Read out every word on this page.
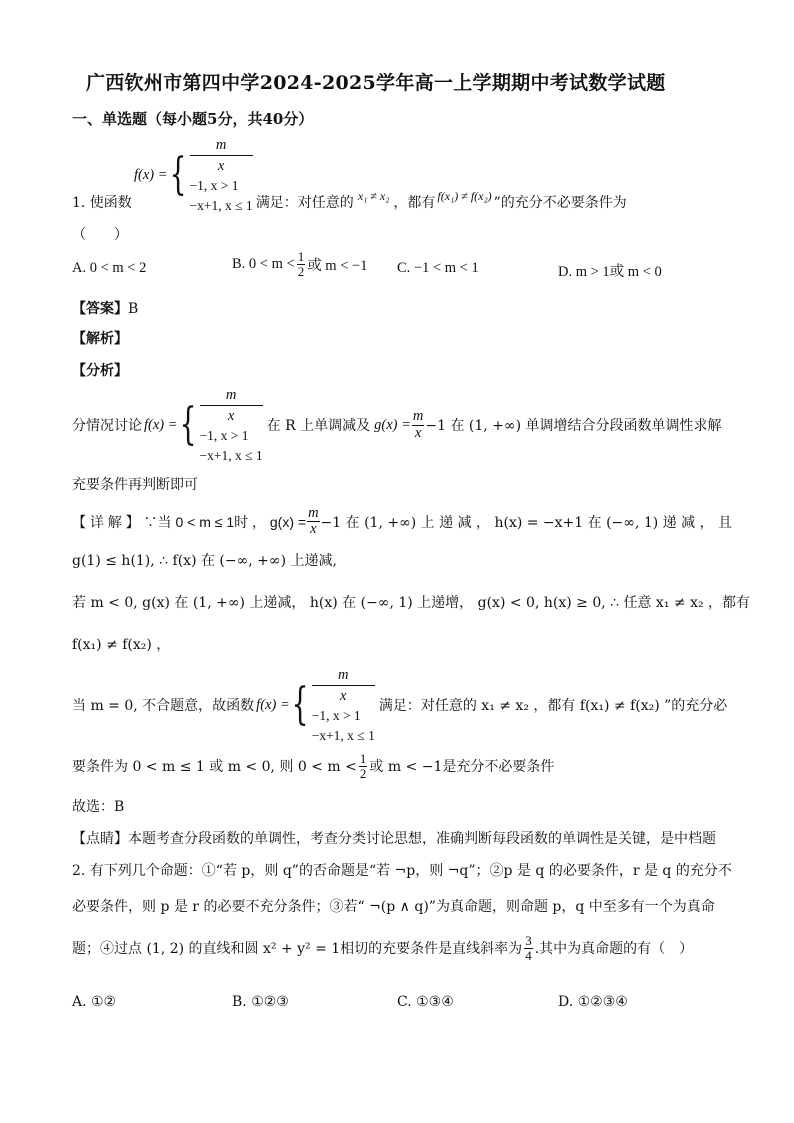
广西钦州市第四中学2024-2025学年高一上学期期中考试数学试题
一、单选题（每小题5分，共40分）
f(x) = {
m
x
−1, x > 1
−x+1, x ≤ 1
1. 使函数	满足：对任意的 x₁ ≠ x₂ ，都有 f(x₁) ≠ f(x₂) ”的充分不必要条件为
（　　）
A. 0 < m < 2	B. $0 < m < \frac{1}{2}$ 或 m < −1 C. −1 < m < 1	D. m > 1或 m < 0
【答案】B
【解析】
【分析】
分情况讨论 f(x) = {
m
x
−1, x > 1
−x+1, x ≤ 1
在 R 上单调减及 $g(x) = \frac{m}{x} -1$ 在 (1, +∞) 单调增结合分段函数单调性求解
充要条件再判断即可
【 详 解 】 ∵当 0 < m ≤ 1时 ， $g(x) = \frac{m}{x} -1$ 在 (1, +∞) 上 递 减 ， h(x) = −x+1 在 (−∞, 1) 递 减 ， 且
g(1) ≤ h(1), ∴ f(x) 在 (−∞, +∞) 上递减,
若 m < 0, g(x) 在 (1, +∞) 上递减， h(x) 在 (−∞, 1) 上递增， g(x) < 0, h(x) ≥ 0, ∴ 任意 x₁ ≠ x₂ ，都有
f(x₁) ≠ f(x₂) ，
当 m = 0, 不合题意，故函数 f(x) = {
m
x
−1, x > 1
−x+1, x ≤ 1
满足：对任意的 x₁ ≠ x₂ ，都有 f(x₁) ≠ f(x₂) ”的充分必
要条件为 0 < m ≤ 1 或 m < 0, 则 $0 < m < \frac{1}{2}$ 或 m < −1是充分不必要条件
故选：B
【点睛】本题考查分段函数的单调性，考查分类讨论思想，准确判断每段函数的单调性是关键，是中档题
2. 有下列几个命题：①“若 p，则 q”的否命题是“若 ¬p，则 ¬q”；②p 是 q 的必要条件，r 是 q 的充分不
必要条件，则 p 是 r 的必要不充分条件；③若“ ¬(p ∧ q)”为真命题，则命题 p，q 中至多有一个为真命
题；④过点 (1, 2) 的直线和圆 x² + y² = 1相切的充要条件是直线斜率为 $\frac{3}{4}$ .其中为真命题的有（　）
A. ①②	B. ①②③	C. ①③④	D. ①②③④
